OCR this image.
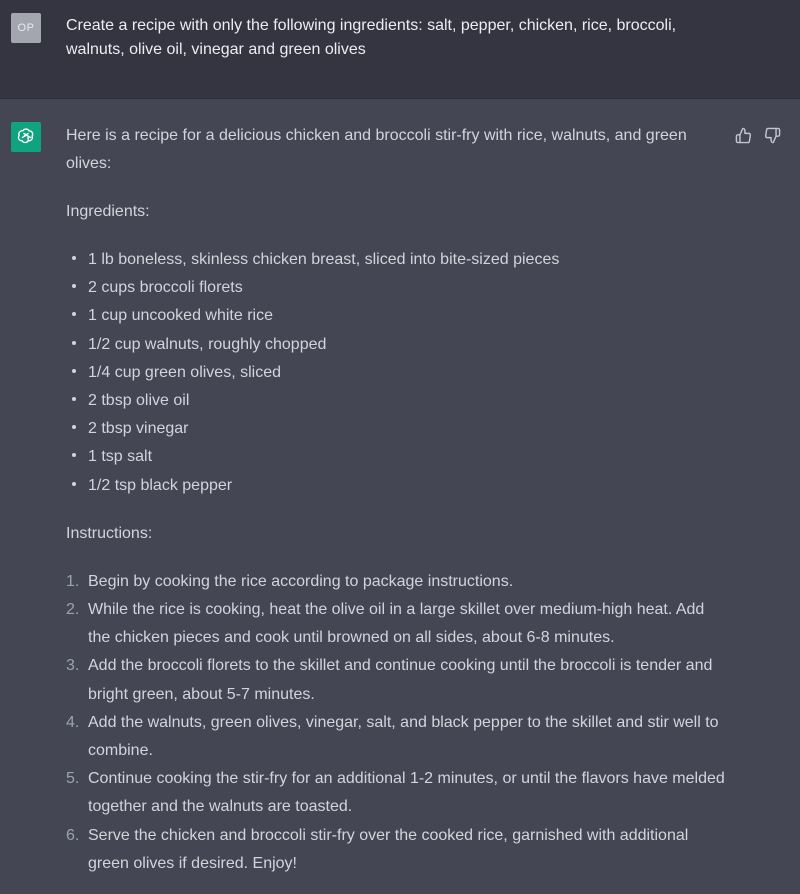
OP	Create a recipe with only the following ingredients: salt, pepper, chicken, rice, broccoli, walnuts, olive oil, vinegar and green olives

Here is a recipe for a delicious chicken and broccoli stir-fry with rice, walnuts, and green olives:

Ingredients:

1 lb boneless, skinless chicken breast, sliced into bite-sized pieces
2 cups broccoli florets
1 cup uncooked white rice
1/2 cup walnuts, roughly chopped
1/4 cup green olives, sliced
2 tbsp olive oil
2 tbsp vinegar
1 tsp salt
1/2 tsp black pepper

Instructions:

1. Begin by cooking the rice according to package instructions.
2. While the rice is cooking, heat the olive oil in a large skillet over medium-high heat. Add the chicken pieces and cook until browned on all sides, about 6-8 minutes.
3. Add the broccoli florets to the skillet and continue cooking until the broccoli is tender and bright green, about 5-7 minutes.
4. Add the walnuts, green olives, vinegar, salt, and black pepper to the skillet and stir well to combine.
5. Continue cooking the stir-fry for an additional 1-2 minutes, or until the flavors have melded together and the walnuts are toasted.
6. Serve the chicken and broccoli stir-fry over the cooked rice, garnished with additional green olives if desired. Enjoy!
